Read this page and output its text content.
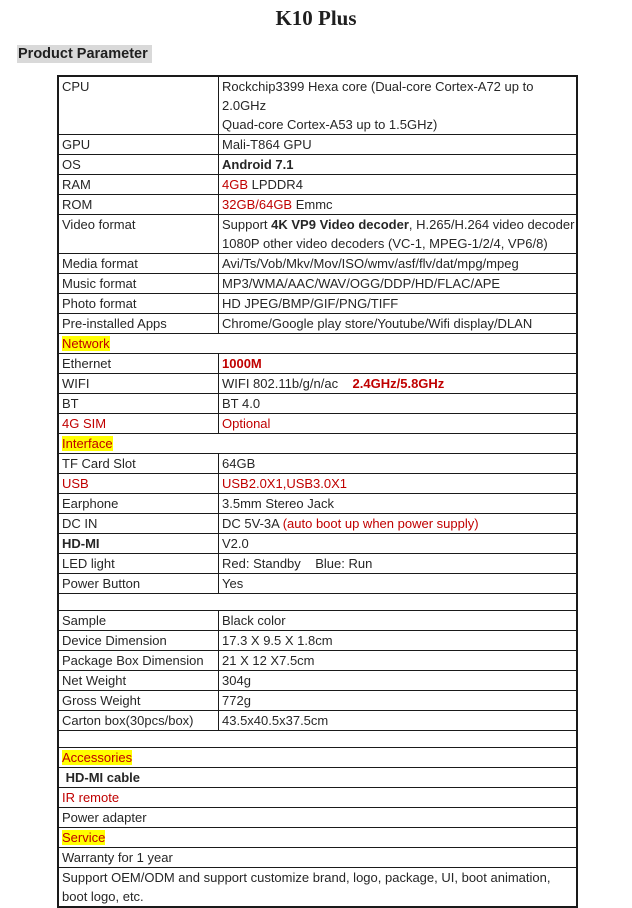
K10 Plus
Product Parameter
CPU	Rockchip3399 Hexa core (Dual-core Cortex-A72 up to 2.0GHz
Quad-core Cortex-A53 up to 1.5GHz)
GPU	Mali-T864 GPU
OS	Android 7.1
RAM	4GB LPDDR4
ROM	32GB/64GB Emmc
Video format	Support 4K VP9 Video decoder, H.265/H.264 video decoder
1080P other video decoders (VC-1, MPEG-1/2/4, VP6/8)
Media format	Avi/Ts/Vob/Mkv/Mov/ISO/wmv/asf/flv/dat/mpg/mpeg
Music format	MP3/WMA/AAC/WAV/OGG/DDP/HD/FLAC/APE
Photo format	HD JPEG/BMP/GIF/PNG/TIFF
Pre-installed Apps	Chrome/Google play store/Youtube/Wifi display/DLAN
Network
Ethernet	1000M
WIFI	WIFI 802.11b/g/n/ac    2.4GHz/5.8GHz
BT	BT 4.0
4G SIM	Optional
Interface
TF Card Slot	64GB
USB	USB2.0X1,USB3.0X1
Earphone	3.5mm Stereo Jack
DC IN	DC 5V-3A (auto boot up when power supply)
HD-MI	V2.0
LED light	Red: Standby    Blue: Run
Power Button	Yes
Sample	Black color
Device Dimension	17.3 X 9.5 X 1.8cm
Package Box Dimension	21 X 12 X7.5cm
Net Weight	304g
Gross Weight	772g
Carton box(30pcs/box)	43.5x40.5x37.5cm
Accessories
HD-MI cable
IR remote
Power adapter
Service
Warranty for 1 year
Support OEM/ODM and support customize brand, logo, package, UI, boot animation, boot logo, etc.
